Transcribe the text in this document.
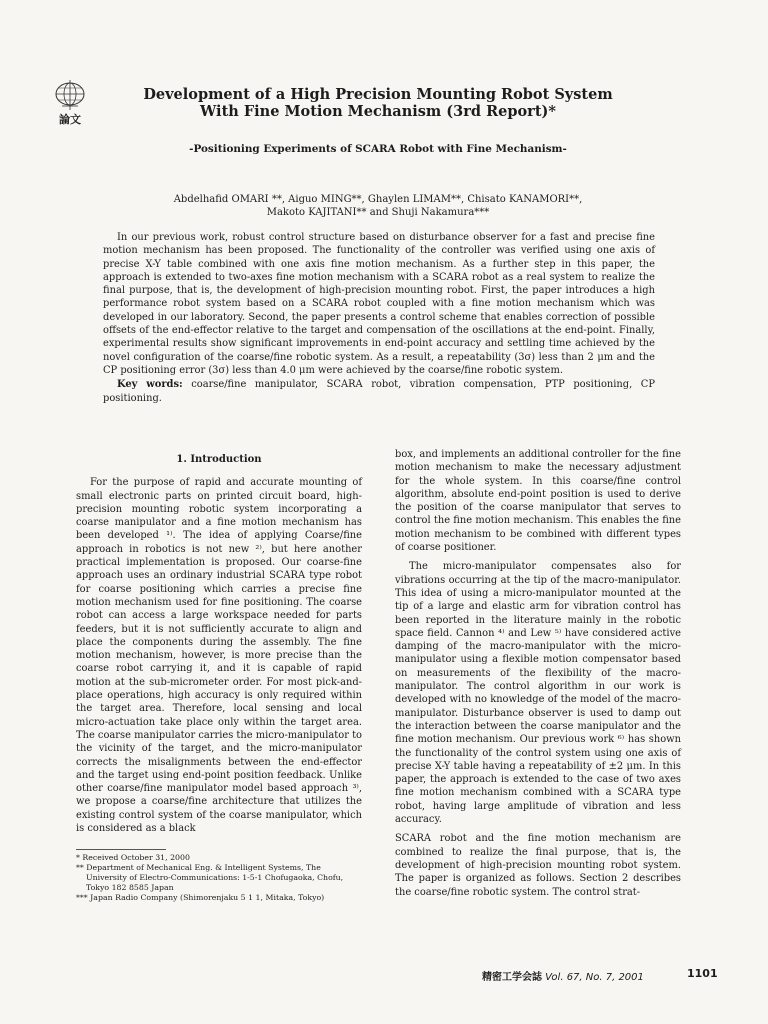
論文
Development of a High Precision Mounting Robot System
With Fine Motion Mechanism (3rd Report)*
-Positioning Experiments of SCARA Robot with Fine Mechanism-
Abdelhafid OMARI **, Aiguo MING**, Ghaylen LIMAM**, Chisato KANAMORI**,
Makoto KAJITANI** and Shuji Nakamura***

In our previous work, robust control structure based on disturbance observer for a fast and precise fine motion mechanism has been proposed. The functionality of the controller was verified using one axis of precise X-Y table combined with one axis fine motion mechanism. As a further step in this paper, the approach is extended to two-axes fine motion mechanism with a SCARA robot as a real system to realize the final purpose, that is, the development of high-precision mounting robot. First, the paper introduces a high performance robot system based on a SCARA robot coupled with a fine motion mechanism which was developed in our laboratory. Second, the paper presents a control scheme that enables correction of possible offsets of the end-effector relative to the target and compensation of the oscillations at the end-point. Finally, experimental results show significant improvements in end-point accuracy and settling time achieved by the novel configuration of the coarse/fine robotic system. As a result, a repeatability (3σ) less than 2 μm and the CP positioning error (3σ) less than 4.0 μm were achieved by the coarse/fine robotic system.

Key words: coarse/fine manipulator, SCARA robot, vibration compensation, PTP positioning, CP positioning.

1. Introduction

For the purpose of rapid and accurate mounting of small electronic parts on printed circuit board, high-precision mounting robotic system incorporating a coarse manipulator and a fine motion mechanism has been developed ¹⁾. The idea of applying Coarse/fine approach in robotics is not new ²⁾, but here another practical implementation is proposed. Our coarse-fine approach uses an ordinary industrial SCARA type robot for coarse positioning which carries a precise fine motion mechanism used for fine positioning. The coarse robot can access a large workspace needed for parts feeders, but it is not sufficiently accurate to align and place the components during the assembly. The fine motion mechanism, however, is more precise than the coarse robot carrying it, and it is capable of rapid motion at the sub-micrometer order. For most pick-and-place operations, high accuracy is only required within the target area. Therefore, local sensing and local micro-actuation take place only within the target area. The coarse manipulator carries the micro-manipulator to the vicinity of the target, and the micro-manipulator corrects the misalignments between the end-effector and the target using end-point position feedback. Unlike other coarse/fine manipulator model based approach ³⁾, we propose a coarse/fine architecture that utilizes the existing control system of the coarse manipulator, which is considered as a black

box, and implements an additional controller for the fine motion mechanism to make the necessary adjustment for the whole system. In this coarse/fine control algorithm, absolute end-point position is used to derive the position of the coarse manipulator that serves to control the fine motion mechanism. This enables the fine motion mechanism to be combined with different types of coarse positioner.

The micro-manipulator compensates also for vibrations occurring at the tip of the macro-manipulator. This idea of using a micro-manipulator mounted at the tip of a large and elastic arm for vibration control has been reported in the literature mainly in the robotic space field. Cannon ⁴⁾ and Lew ⁵⁾ have considered active damping of the macro-manipulator with the micro-manipulator using a flexible motion compensator based on measurements of the flexibility of the macro-manipulator. The control algorithm in our work is developed with no knowledge of the model of the macro-manipulator. Disturbance observer is used to damp out the interaction between the coarse manipulator and the fine motion mechanism. Our previous work ⁶⁾ has shown the functionality of the control system using one axis of precise X-Y table having a repeatability of ±2 μm. In this paper, the approach is extended to the case of two axes fine motion mechanism combined with a SCARA type robot, having large amplitude of vibration and less accuracy.

SCARA robot and the fine motion mechanism are combined to realize the final purpose, that is, the development of high-precision mounting robot system. The paper is organized as follows. Section 2 describes the coarse/fine robotic system. The control strat-

* Received October 31, 2000
** Department of Mechanical Eng. & Intelligent Systems, The University of Electro-Communications: 1-5-1 Chofugaoka, Chofu, Tokyo 182 8585 Japan
*** Japan Radio Company (Shimorenjaku 5 1 1, Mitaka, Tokyo)
精密工学会誌 Vol. 67, No. 7, 2001	1101
